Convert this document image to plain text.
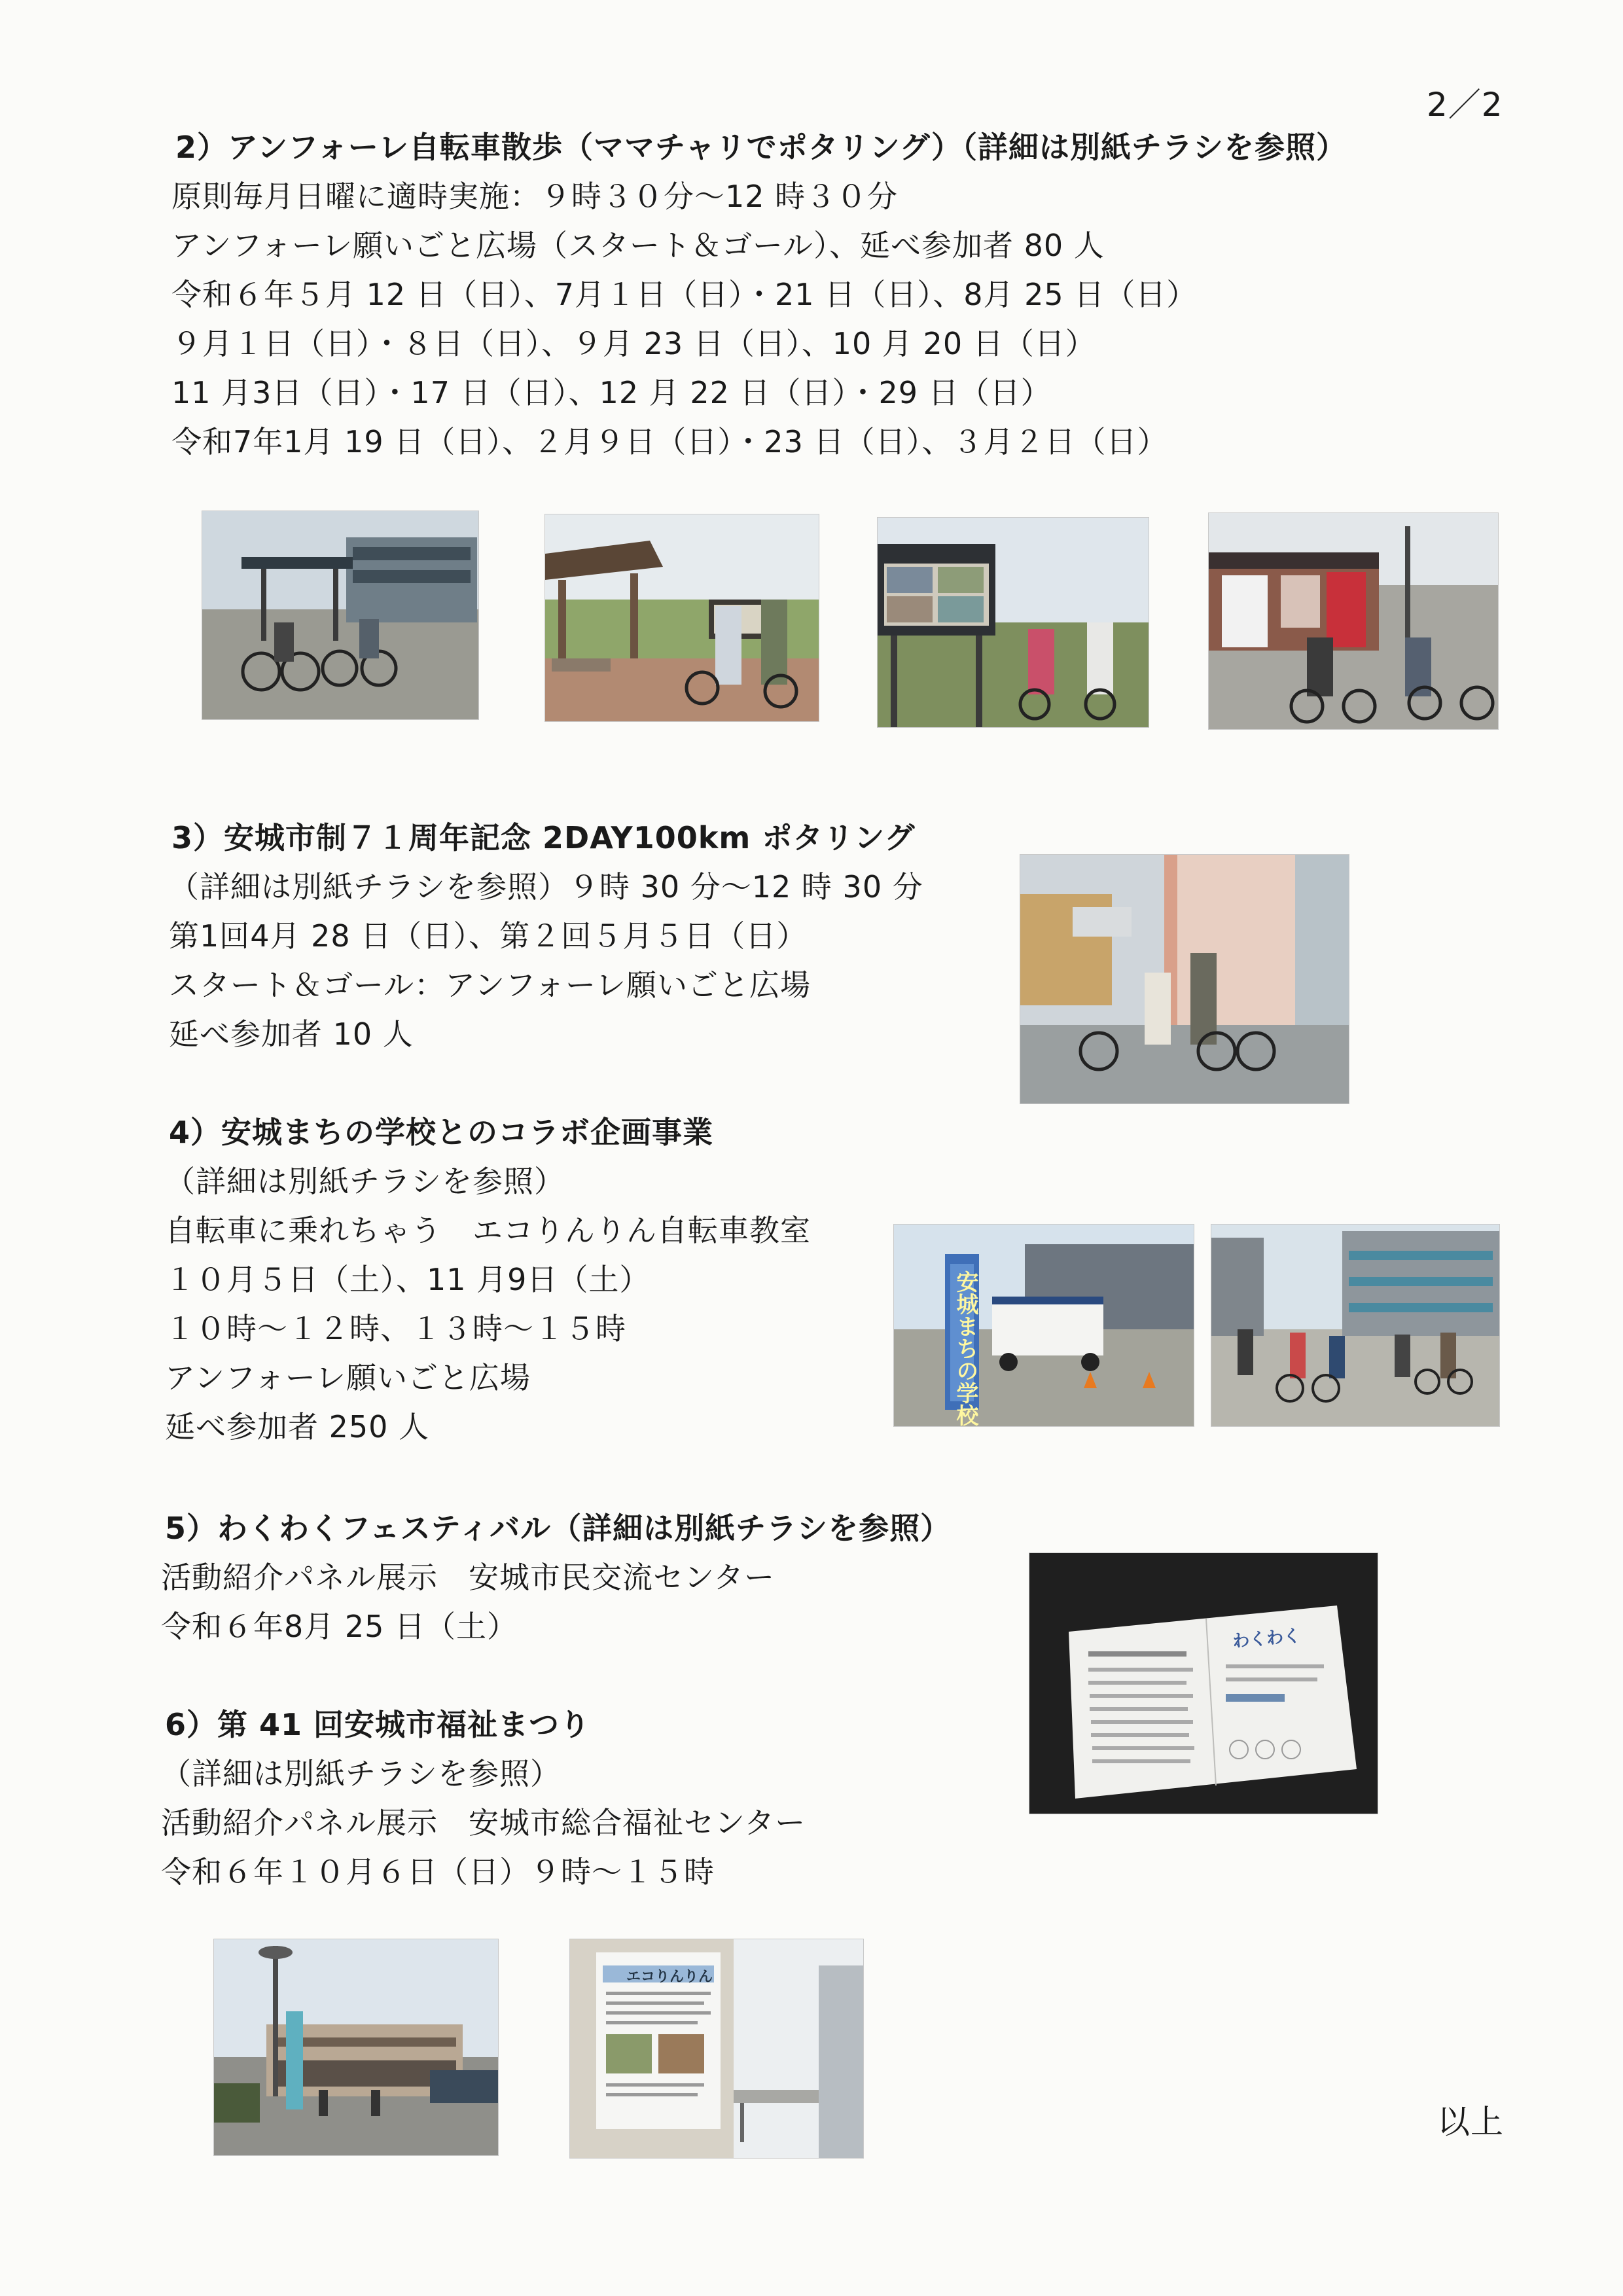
2／2
2）アンフォーレ自転車散歩（ママチャリでポタリング）（詳細は別紙チラシを参照）
原則毎月日曜に適時実施：９時３０分～12 時３０分
アンフォーレ願いごと広場（スタート＆ゴール）、延べ参加者 80 人
令和６年５月 12 日（日）、7月１日（日）・21 日（日）、8月 25 日（日）
９月１日（日）・８日（日）、９月 23 日（日）、10 月 20 日（日）
11 月3日（日）・17 日（日）、12 月 22 日（日）・29 日（日）
令和7年1月 19 日（日）、２月９日（日）・23 日（日）、３月２日（日）
3）安城市制７１周年記念 2DAY100km ポタリング
（詳細は別紙チラシを参照）９時 30 分～12 時 30 分
第1回4月 28 日（日）、第２回５月５日（日）
スタート＆ゴール：アンフォーレ願いごと広場
延べ参加者 10 人
4）安城まちの学校とのコラボ企画事業
（詳細は別紙チラシを参照）
自転車に乗れちゃう　エコりんりん自転車教室
１０月５日（土）、11 月9日（土）
１０時～１２時、１３時～１５時
アンフォーレ願いごと広場
延べ参加者 250 人
安城まちの学校
5）わくわくフェスティバル（詳細は別紙チラシを参照）
活動紹介パネル展示　安城市民交流センター
令和６年8月 25 日（土）	わくわく
6）第 41 回安城市福祉まつり
（詳細は別紙チラシを参照）
活動紹介パネル展示　安城市総合福祉センター
令和６年１０月６日（日）９時～１５時
エコりんりん
以上
